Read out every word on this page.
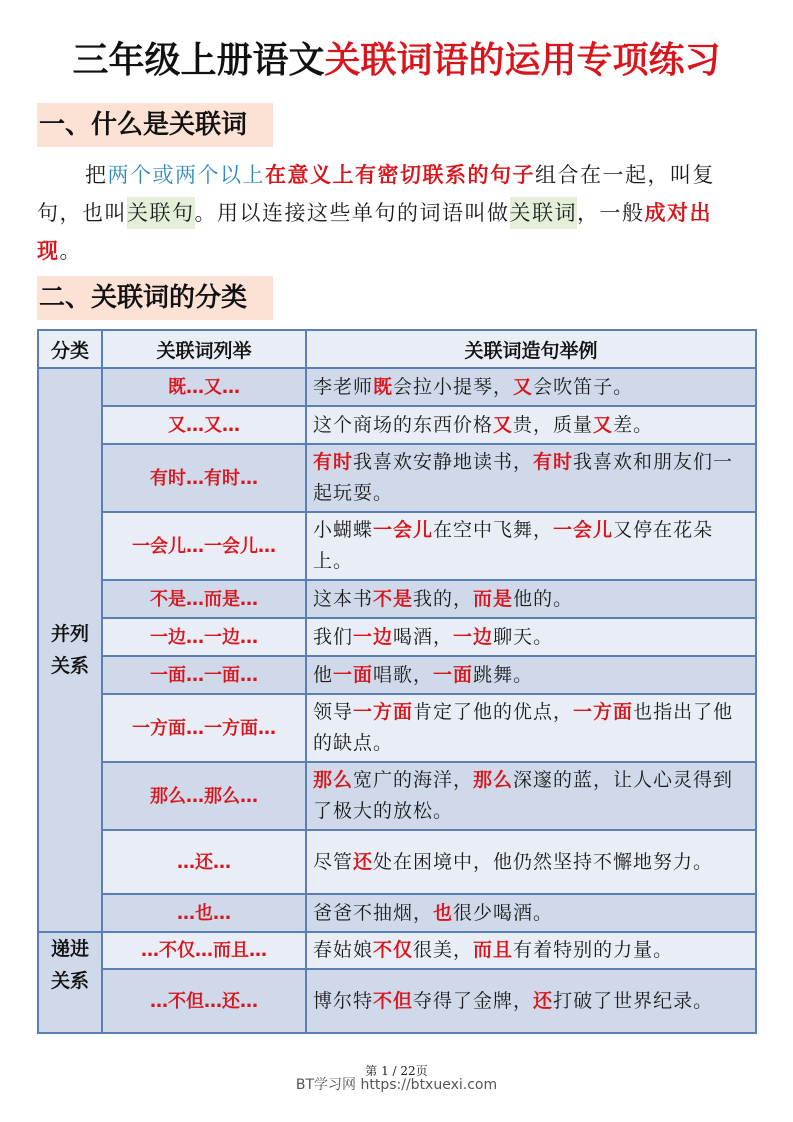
三年级上册语文关联词语的运用专项练习
一、什么是关联词
把两个或两个以上在意义上有密切联系的句子组合在一起，叫复句，也叫关联句。用以连接这些单句的词语叫做关联词，一般成对出现。
二、关联词的分类
分类	关联词列举	关联词造句举例

并列
关系	既…又…	李老师既会拉小提琴，又会吹笛子。
	又…又…	这个商场的东西价格又贵，质量又差。
	有时…有时…	有时我喜欢安静地读书，有时我喜欢和朋友们一起玩耍。
	一会儿…一会儿…	小蝴蝶一会儿在空中飞舞，一会儿又停在花朵上。
	不是…而是…	这本书不是我的，而是他的。
	一边…一边…	我们一边喝酒，一边聊天。
	一面…一面…	他一面唱歌，一面跳舞。
	一方面…一方面…	领导一方面肯定了他的优点，一方面也指出了他的缺点。
	那么…那么…	那么宽广的海洋，那么深邃的蓝，让人心灵得到了极大的放松。
	…还…	尽管还处在困境中，他仍然坚持不懈地努力。
	…也…	爸爸不抽烟，也很少喝酒。

递进
关系	…不仅…而且…	春姑娘不仅很美，而且有着特别的力量。
	…不但…还…	博尔特不但夺得了金牌，还打破了世界纪录。
第 1 / 22页
BT学习网 https://btxuexi.com
